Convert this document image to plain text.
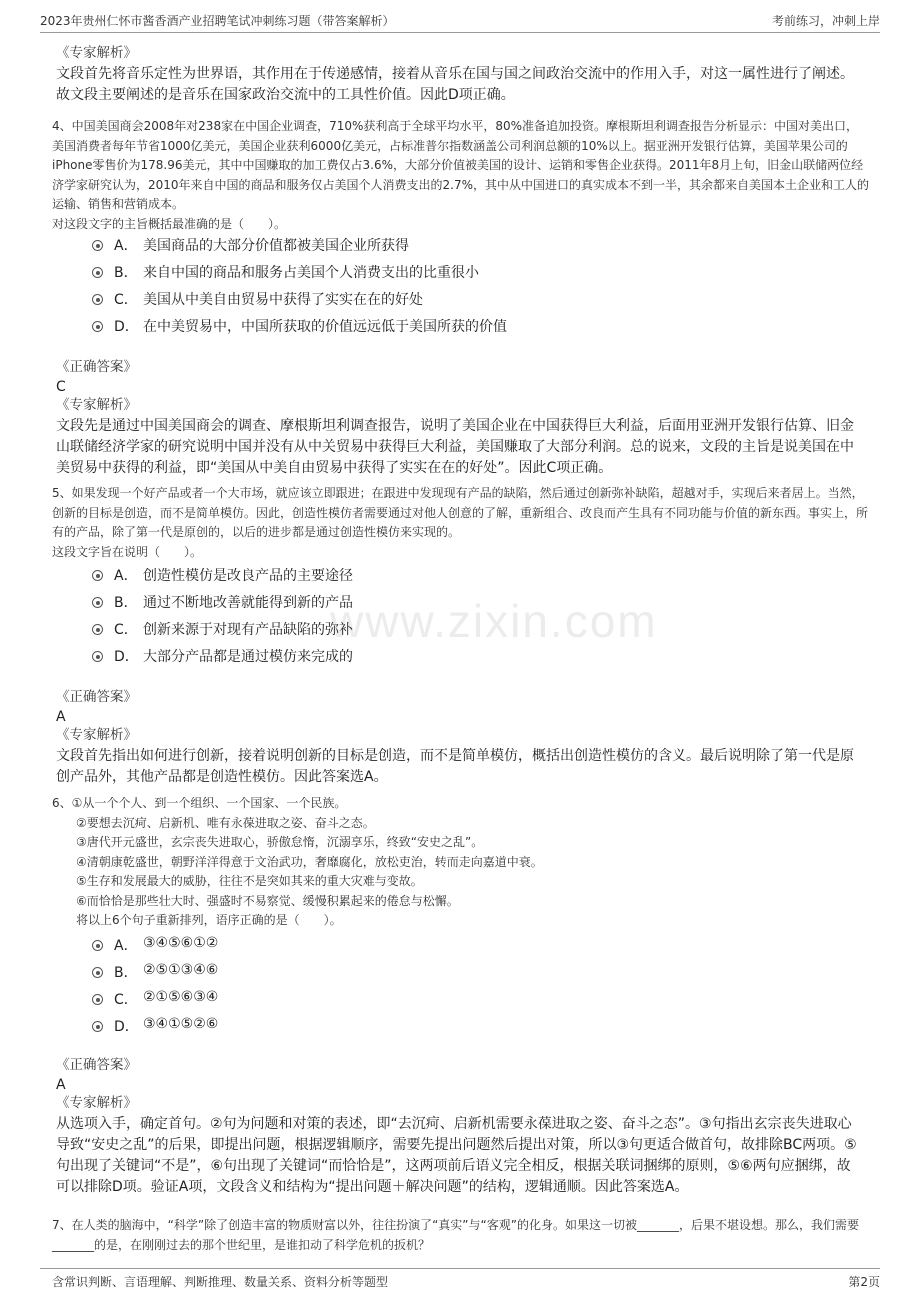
2023年贵州仁怀市酱香酒产业招聘笔试冲刺练习题（带答案解析）	考前练习，冲刺上岸
www.zixin.com
《专家解析》
文段首先将音乐定性为世界语，其作用在于传递感情，接着从音乐在国与国之间政治交流中的作用入手，对这一属性进行了阐述。故文段主要阐述的是音乐在国家政治交流中的工具性价值。因此D项正确。

4、中国美国商会2008年对238家在中国企业调查，710%获利高于全球平均水平，80%准备追加投资。摩根斯坦利调查报告分析显示：中国对美出口，美国消费者每年节省1000亿美元，美国企业获利6000亿美元，占标准普尔指数涵盖公司利润总额的10%以上。据亚洲开发银行估算，美国苹果公司的iPhone零售价为178.96美元，其中中国赚取的加工费仅占3.6%，大部分价值被美国的设计、运销和零售企业获得。2011年8月上旬，旧金山联储两位经济学家研究认为，2010年来自中国的商品和服务仅占美国个人消费支出的2.7%，其中从中国进口的真实成本不到一半，其余都来自美国本土企业和工人的运输、销售和营销成本。

对这段文字的主旨概括最准确的是（　　）。

A． 美国商品的大部分价值都被美国企业所获得
B． 来自中国的商品和服务占美国个人消费支出的比重很小
C． 美国从中美自由贸易中获得了实实在在的好处
D． 在中美贸易中，中国所获取的价值远远低于美国所获的价值
《正确答案》
C
《专家解析》
文段先是通过中国美国商会的调查、摩根斯坦利调查报告，说明了美国企业在中国获得巨大利益，后面用亚洲开发银行估算、旧金山联储经济学家的研究说明中国并没有从中关贸易中获得巨大利益，美国赚取了大部分利润。总的说来，文段的主旨是说美国在中美贸易中获得的利益，即“美国从中美自由贸易中获得了实实在在的好处”。因此C项正确。

5、如果发现一个好产品或者一个大市场，就应该立即跟进；在跟进中发现现有产品的缺陷，然后通过创新弥补缺陷，超越对手，实现后来者居上。当然，创新的目标是创造，而不是简单模仿。因此，创造性模仿者需要通过对他人创意的了解，重新组合、改良而产生具有不同功能与价值的新东西。事实上，所有的产品，除了第一代是原创的，以后的进步都是通过创造性模仿来实现的。

这段文字旨在说明（　　）。

A． 创造性模仿是改良产品的主要途径
B． 通过不断地改善就能得到新的产品
C． 创新来源于对现有产品缺陷的弥补
D． 大部分产品都是通过模仿来完成的
《正确答案》
A
《专家解析》
文段首先指出如何进行创新，接着说明创新的目标是创造，而不是简单模仿，概括出创造性模仿的含义。最后说明除了第一代是原创产品外，其他产品都是创造性模仿。因此答案选A。

6、①从一个个人、到一个组织、一个国家、一个民族。

②要想去沉疴、启新机、唯有永葆进取之姿、奋斗之态。

③唐代开元盛世，玄宗丧失进取心，骄傲怠惰，沉溺享乐，终致“安史之乱”。

④清朝康乾盛世，朝野洋洋得意于文治武功，奢靡腐化，放松吏治，转而走向嘉道中衰。

⑤生存和发展最大的威胁，往往不是突如其来的重大灾难与变故。

⑥而恰恰是那些壮大时、强盛时不易察觉、缓慢积累起来的倦怠与松懈。

将以上6个句子重新排列，语序正确的是（　　）。

A． ③④⑤⑥①②
B． ②⑤①③④⑥
C． ②①⑤⑥③④
D． ③④①⑤②⑥
《正确答案》
A
《专家解析》
从选项入手，确定首句。②句为问题和对策的表述，即“去沉疴、启新机需要永葆进取之姿、奋斗之态”。③句指出玄宗丧失进取心导致“安史之乱”的后果，即提出问题，根据逻辑顺序，需要先提出问题然后提出对策，所以③句更适合做首句，故排除BC两项。⑤句出现了关键词“不是”，⑥句出现了关键词“而恰恰是”，这两项前后语义完全相反，根据关联词捆绑的原则，⑤⑥两句应捆绑，故可以排除D项。验证A项，文段含义和结构为“提出问题＋解决问题”的结构，逻辑通顺。因此答案选A。

7、在人类的脑海中，“科学”除了创造丰富的物质财富以外，往往扮演了“真实”与“客观”的化身。如果这一切被_______，后果不堪设想。那么，我们需要_______的是，在刚刚过去的那个世纪里，是谁扣动了科学危机的扳机？

含常识判断、言语理解、判断推理、数量关系、资料分析等题型	第2页
